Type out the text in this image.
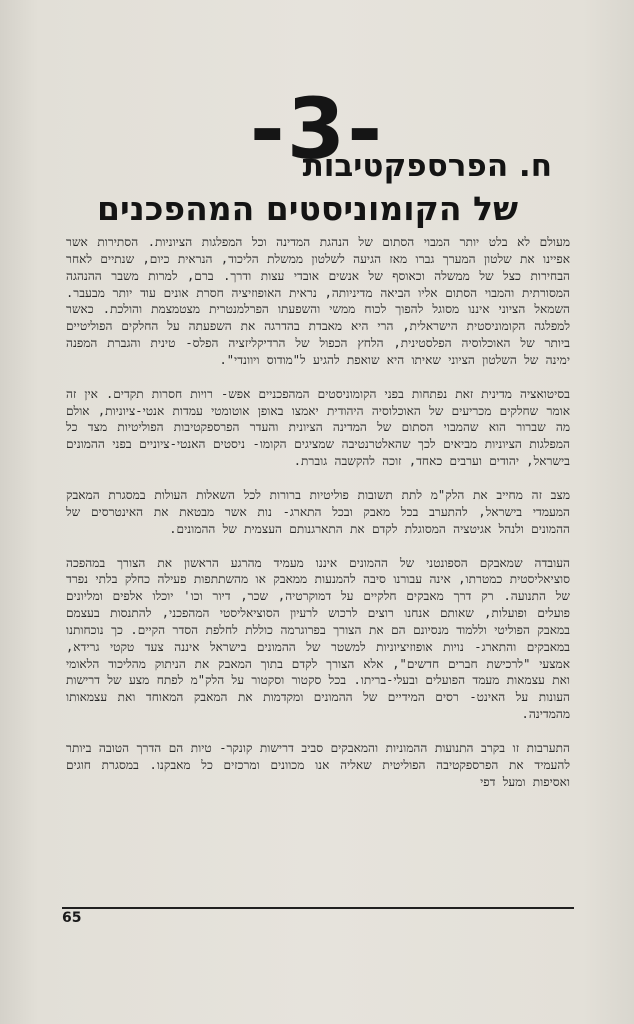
-3-
ח. הפרספקטיבות
של הקומוניסטים המהפכנים

מעולם לא בלט יותר המבוי הסתום של הנהגת המדינה וכל המפלגות הציוניות. הסתירות אשר אפיינו את שלטון המערך גברו מאז הגיעה לשלטון ממשלת הליכוד, הנראית כיום, שנתיים לאחר הבחירות כצל של ממשלה וכאוסף של אנשים אובדי עצות ודרך. ברם, למרות משבר ההנהגה המסורתית והמבוי הסתום אליו הביאה מדיניותה, נראית האופוזיציה חסרת אונים עוד יותר מבעבר. השמאל הציוני איננו מסוגל להפוך לכוח ממשי והשפעתו הפרלמנטרית מצטמצמת והולכת. כאשר למפלגה הקומוניסטית הישראלית, הרי היא מאבדת בהדרגה את השפעתה על החלקים הפוליטיים ביותר של האוכלוסיה הפלסטינית, הלחץ הכפול של הרדיקליזציה הפלס- טינית והגברת המפנה ימינה של השלטון הציוני שאיתו היא שואפת להגיע ל"מודוס ויוונדי".

בסיטואציה מדינית זאת נפתחות בפני הקומוניסטים המהפכניים אפש- רויות חסרות תקדים. אין זה אומר שחלקים מכריעים של האוכלוסיה היהודית יאמצו באופן אוטומטי עמדות אנטי-ציוניות, אולם מה שברור הוא שהמבוי הסתום של המדינה הציונית והעדר הפרספקטיבות הפוליטיות מצד כל המפלגות הציוניות מביאים לכך שהאלטרנטיבה שמציגים הקומו- ניסטים האנטי-ציוניים בפני ההמונים בישראל, יהודים וערבים כאחד, זוכה להקשבה גוברת.

מצב זה מחייב את הלק"מ לתת תשובות פוליטיות ברורות לכל השאלות העולות במסגרת המאבק המעמדי בישראל, להתערב בכל מאבק ובכל התארג- נות אשר מבטאת את האינטרסים של ההמונים ולנהל אגיטציה המסוגלת לקדם את התארגנותם העצמית של ההמונים.

העובדה שמאבקם הספונטני של ההמונים איננו מעמיד מהרגע הראשון את הצורך במהפכה סוציאליסטית כמטרתו, אינה עבורנו סיבה להמנעות ממאבק או מהשתתפות פעילה כחלק בלתי נפרד של התנועה. רק דרך מאבקים חלקיים על דמוקרטיה, שכר, דיור וכו' יוכלו אלפים ומליונים פועלים ופועלות, שאותם אנחנו רוצים לרכוש לרעיון הסוציאליסטי המהפכני, להתנסות בעצמם במאבק הפוליטי וללמוד מנסיונם הם את הצורך בפרוגרמה כוללת לחלפת הסדר הקיים. כך נוכחותנו במאבקים והתארג- נויות אופוזיציוניות למשטר של ההמונים בישראל איננה צעד טקטי גרידא, אמצעי "לרכישת חברים חדשים", אלא הצורך לקדם בתוך המאבק את הניתוק מהליכוד הלאומי ואת עצמאות מעמד הפועלים ובעלי-בריתו. בכל סקטור וסקטור על הלק"מ לפתח מצע של דרישות העונות על האינט- רסים המידיים של ההמונים ומקדמות את המאבק המאוחד ואת עצמאותו מהמדינה.

התערבות זו בקרב התנועות ההמוניות והמאבקים סביב דרישות קונקר- טיות הם הדרך הטובה ביותר להעמיד את הפרספקטיבה הפוליטית שאליה אנו מכוונים ומרכזים כל מאבקנו. במסגרת חוגים ואסיפות ומעל דפי

65
